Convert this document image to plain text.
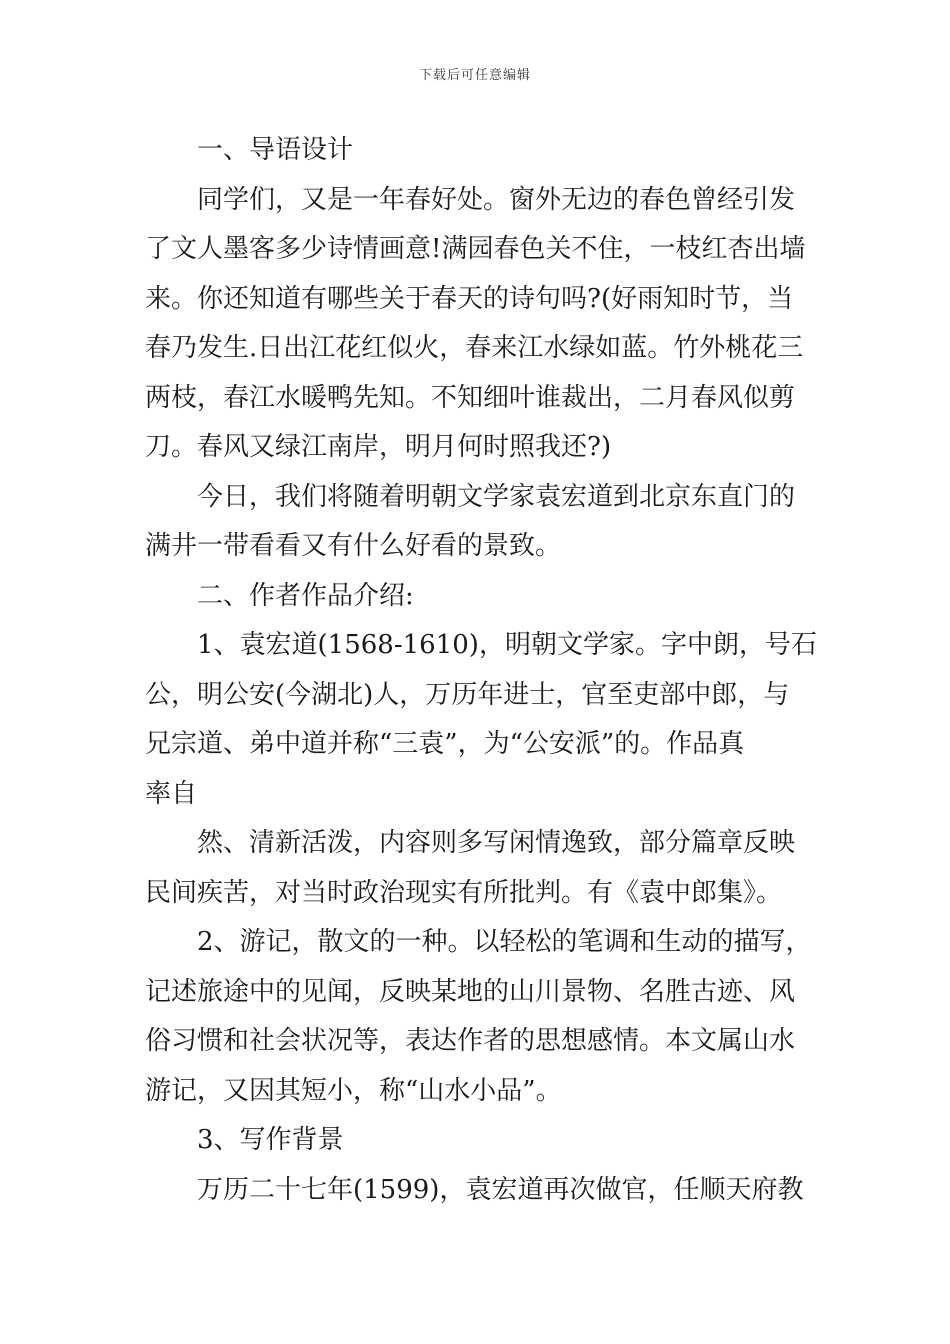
下载后可任意编辑
一、导语设计
同学们，又是一年春好处。窗外无边的春色曾经引发
了文人墨客多少诗情画意!满园春色关不住，一枝红杏出墙
来。你还知道有哪些关于春天的诗句吗?(好雨知时节，当
春乃发生.日出江花红似火，春来江水绿如蓝。竹外桃花三
两枝，春江水暖鸭先知。不知细叶谁裁出，二月春风似剪
刀。春风又绿江南岸，明月何时照我还?)
今日，我们将随着明朝文学家袁宏道到北京东直门的
满井一带看看又有什么好看的景致。
二、作者作品介绍:
1、袁宏道(1568-1610)，明朝文学家。字中朗，号石
公，明公安(今湖北)人，万历年进士，官至吏部中郎，与
兄宗道、弟中道并称“三袁”，为“公安派”的。作品真
率自
然、清新活泼，内容则多写闲情逸致，部分篇章反映
民间疾苦，对当时政治现实有所批判。有《袁中郎集》。
2、游记，散文的一种。以轻松的笔调和生动的描写，
记述旅途中的见闻，反映某地的山川景物、名胜古迹、风
俗习惯和社会状况等，表达作者的思想感情。本文属山水
游记，又因其短小，称“山水小品”。
3、写作背景
万历二十七年(1599)，袁宏道再次做官，任顺天府教
